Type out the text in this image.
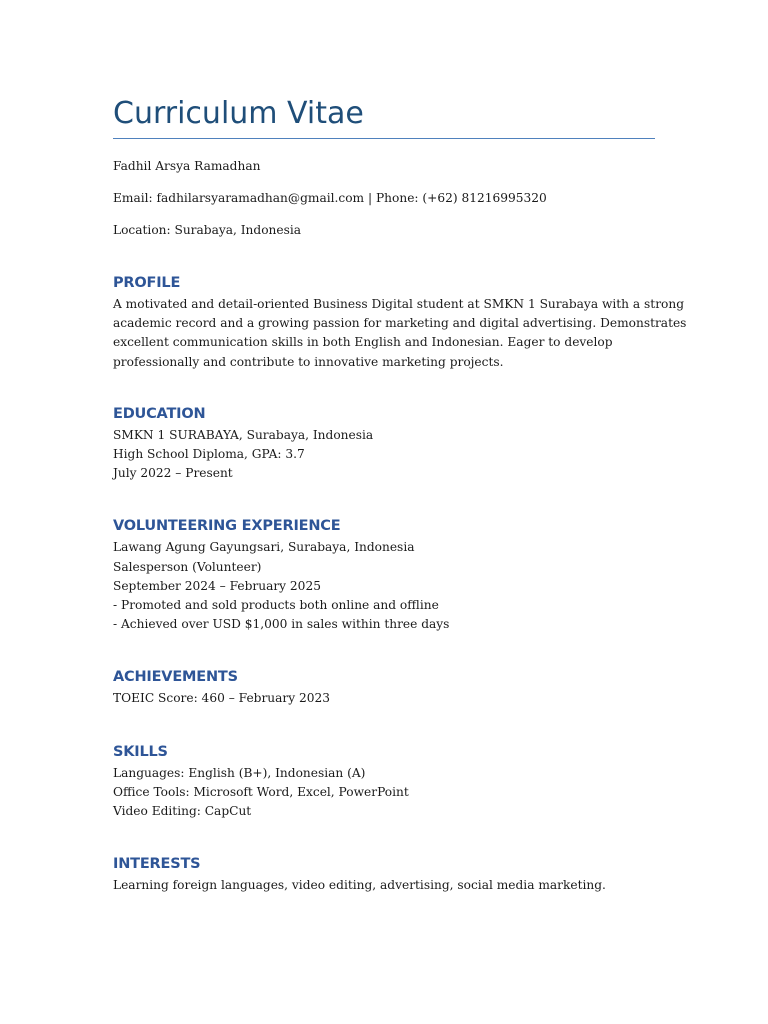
Curriculum Vitae

Fadhil Arsya Ramadhan

Email: fadhilarsyaramadhan@gmail.com | Phone: (+62) 81216995320

Location: Surabaya, Indonesia

PROFILE
A motivated and detail-oriented Business Digital student at SMKN 1 Surabaya with a strong
academic record and a growing passion for marketing and digital advertising. Demonstrates
excellent communication skills in both English and Indonesian. Eager to develop
professionally and contribute to innovative marketing projects.
EDUCATION
SMKN 1 SURABAYA, Surabaya, Indonesia
High School Diploma, GPA: 3.7
July 2022 – Present
VOLUNTEERING EXPERIENCE
Lawang Agung Gayungsari, Surabaya, Indonesia
Salesperson (Volunteer)
September 2024 – February 2025
- Promoted and sold products both online and offline
- Achieved over USD $1,000 in sales within three days
ACHIEVEMENTS
TOEIC Score: 460 – February 2023
SKILLS
Languages: English (B+), Indonesian (A)
Office Tools: Microsoft Word, Excel, PowerPoint
Video Editing: CapCut
INTERESTS
Learning foreign languages, video editing, advertising, social media marketing.
